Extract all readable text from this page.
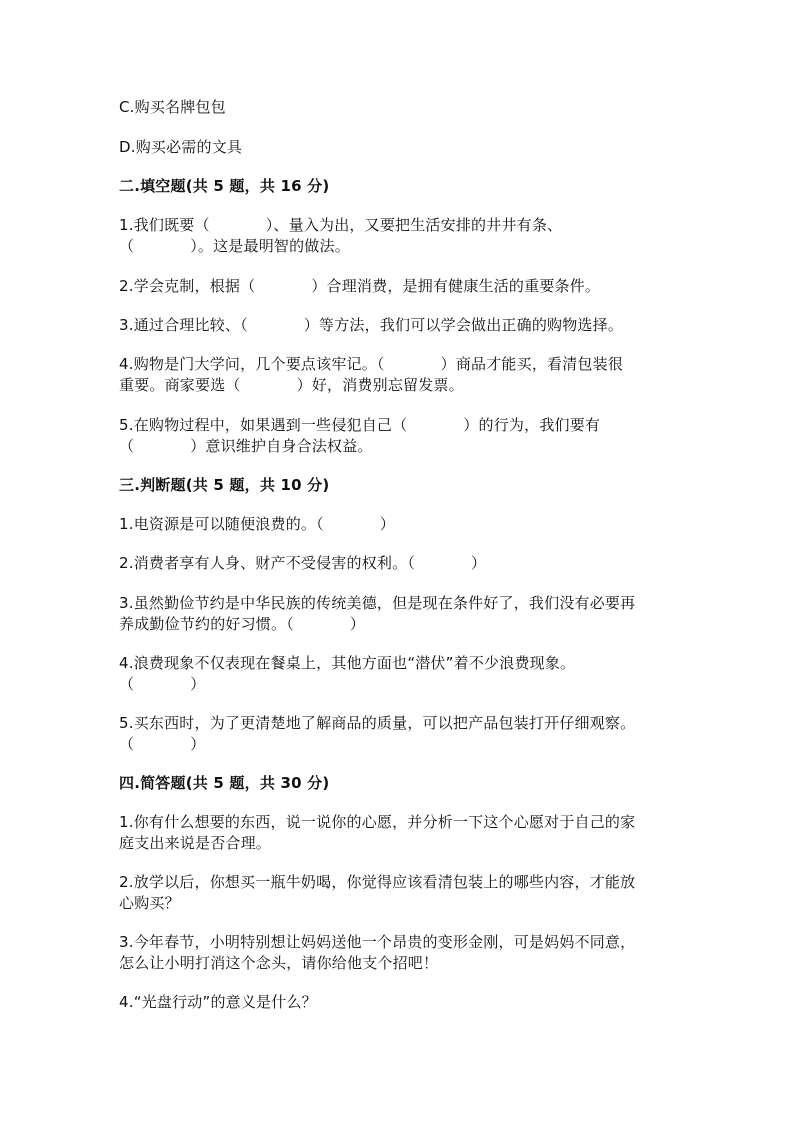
C.购买名牌包包

D.购买必需的文具

二.填空题(共 5 题，共 16 分)

1.我们既要（	）、量入为出，又要把生活安排的井井有条、

（	）。这是最明智的做法。

2.学会克制，根据（	）合理消费，是拥有健康生活的重要条件。

3.通过合理比较、（	）等方法，我们可以学会做出正确的购物选择。

4.购物是门大学问，几个要点该牢记。（	）商品才能买，看清包装很

重要。商家要选（	）好，消费别忘留发票。

5.在购物过程中，如果遇到一些侵犯自己（	）的行为，我们要有

（	）意识维护自身合法权益。

三.判断题(共 5 题，共 10 分)

1.电资源是可以随便浪费的。（	）

2.消费者享有人身、财产不受侵害的权利。（	）

3.虽然勤俭节约是中华民族的传统美德，但是现在条件好了，我们没有必要再

养成勤俭节约的好习惯。（	）

4.浪费现象不仅表现在餐桌上，其他方面也“潜伏”着不少浪费现象。

（	）

5.买东西时，为了更清楚地了解商品的质量，可以把产品包装打开仔细观察。

（	）

四.简答题(共 5 题，共 30 分)

1.你有什么想要的东西，说一说你的心愿，并分析一下这个心愿对于自己的家

庭支出来说是否合理。

2.放学以后，你想买一瓶牛奶喝，你觉得应该看清包装上的哪些内容，才能放

心购买？

3.今年春节，小明特别想让妈妈送他一个昂贵的变形金刚，可是妈妈不同意，

怎么让小明打消这个念头，请你给他支个招吧！

4.“光盘行动”的意义是什么？
